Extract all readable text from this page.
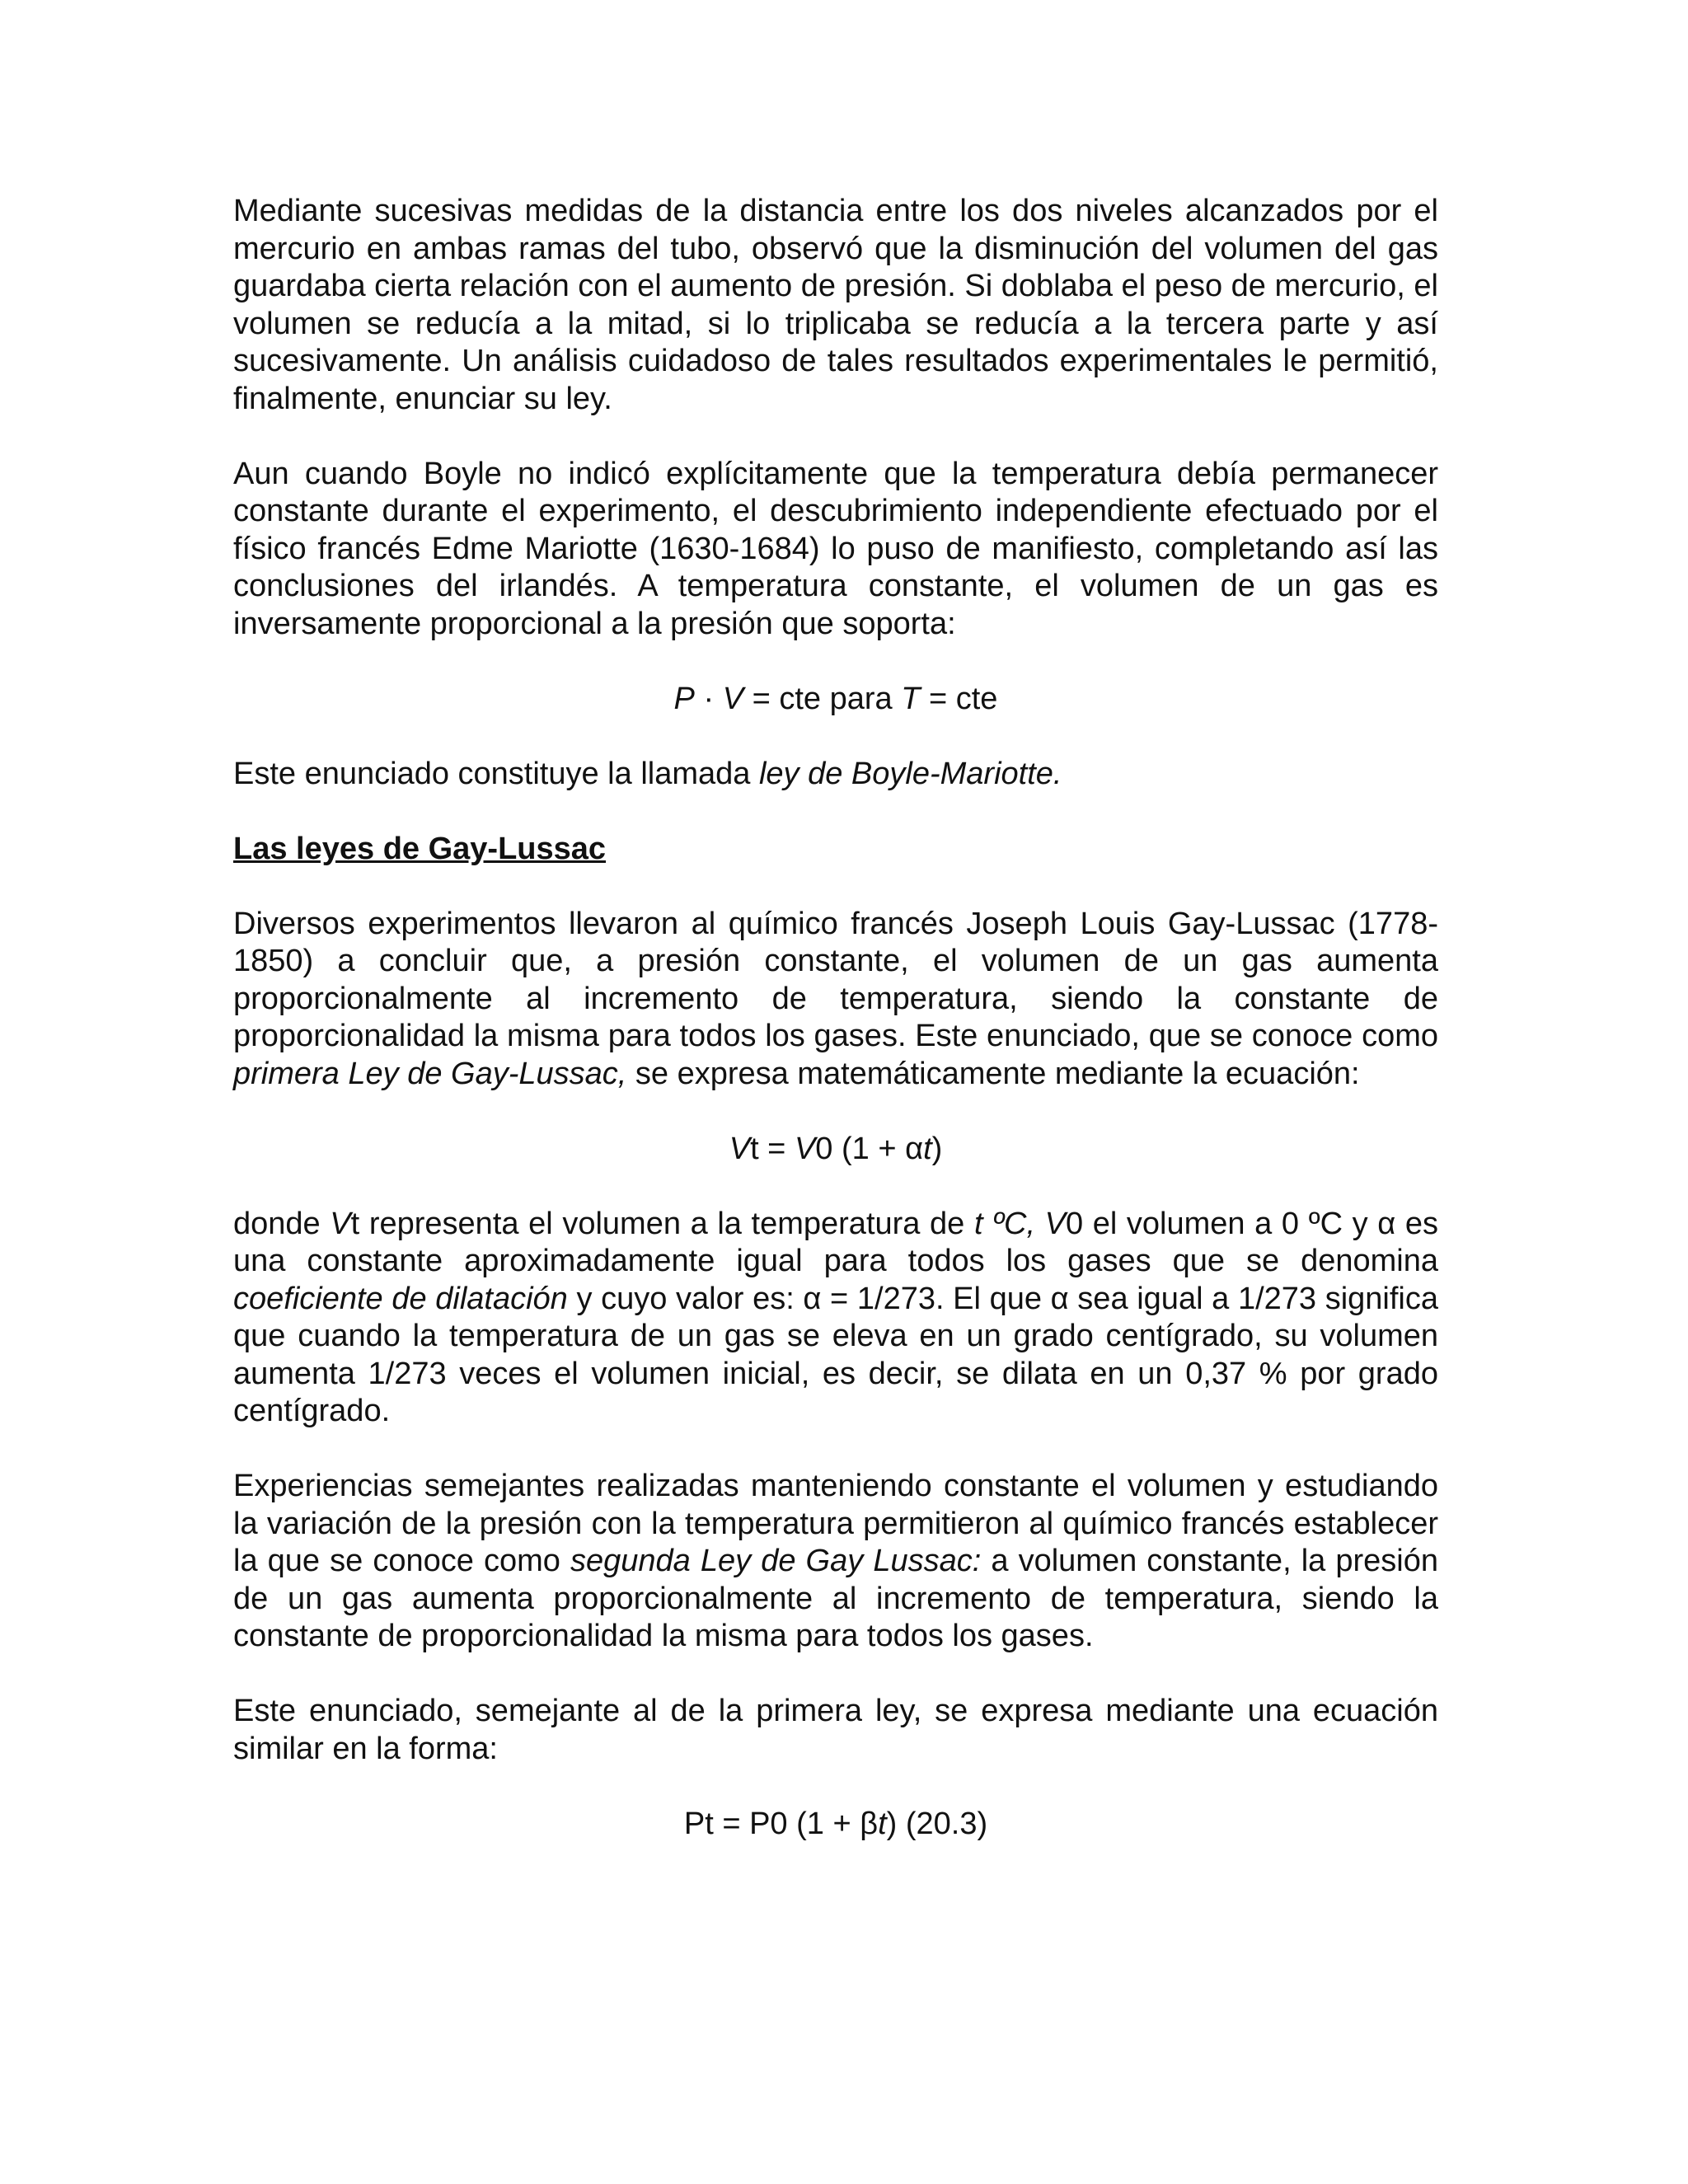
Mediante sucesivas medidas de la distancia entre los dos niveles alcanzados por el mercurio en ambas ramas del tubo, observó que la disminución del volumen del gas guardaba cierta relación con el aumento de presión. Si doblaba el peso de mercurio, el volumen se reducía a la mitad, si lo triplicaba se reducía a la tercera parte y así sucesivamente. Un análisis cuidadoso de tales resultados experimentales le permitió, finalmente, enunciar su ley.

Aun cuando Boyle no indicó explícitamente que la temperatura debía permanecer constante durante el experimento, el descubrimiento independiente efectuado por el físico francés Edme Mariotte (1630-1684) lo puso de manifiesto, completando así las conclusiones del irlandés. A temperatura constante, el volumen de un gas es inversamente proporcional a la presión que soporta:

P · V = cte para T = cte

Este enunciado constituye la llamada ley de Boyle-Mariotte.

Las leyes de Gay-Lussac

Diversos experimentos llevaron al químico francés Joseph Louis Gay-Lussac (1778-1850) a concluir que, a presión constante, el volumen de un gas aumenta proporcionalmente al incremento de temperatura, siendo la constante de proporcionalidad la misma para todos los gases. Este enunciado, que se conoce como primera Ley de Gay-Lussac, se expresa matemáticamente mediante la ecuación:

Vt = V0 (1 + αt)

donde Vt representa el volumen a la temperatura de t ºC, V0 el volumen a 0 ºC y α es una constante aproximadamente igual para todos los gases que se denomina coeficiente de dilatación y cuyo valor es: α = 1/273. El que α sea igual a 1/273 significa que cuando la temperatura de un gas se eleva en un grado centígrado, su volumen aumenta 1/273 veces el volumen inicial, es decir, se dilata en un 0,37 % por grado centígrado.

Experiencias semejantes realizadas manteniendo constante el volumen y estudiando la variación de la presión con la temperatura permitieron al químico francés establecer la que se conoce como segunda Ley de Gay Lussac: a volumen constante, la presión de un gas aumenta proporcionalmente al incremento de temperatura, siendo la constante de proporcionalidad la misma para todos los gases.

Este enunciado, semejante al de la primera ley, se expresa mediante una ecuación similar en la forma:

Pt = P0 (1 + βt) (20.3)
